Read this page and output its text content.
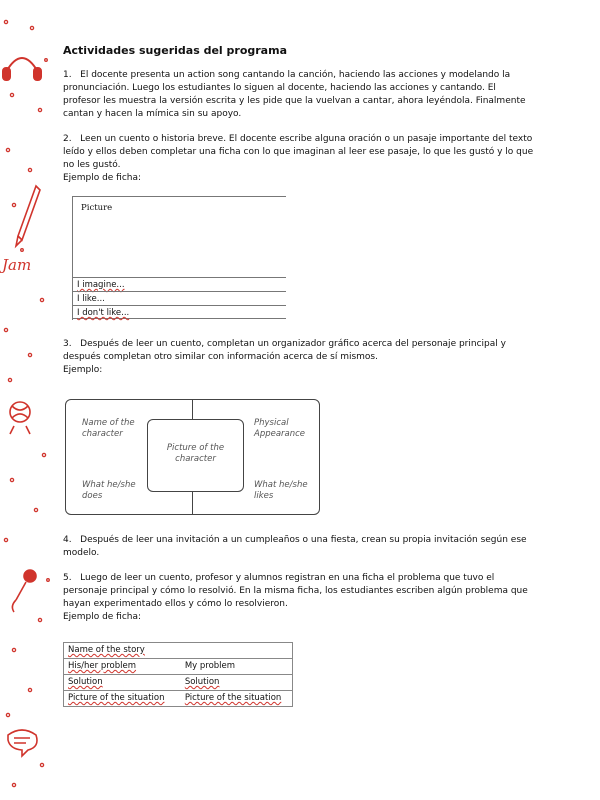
Jam
Actividades sugeridas del programa

1.   El docente presenta un action song cantando la canción, haciendo las acciones y modelando la pronunciación. Luego los estudiantes lo siguen al docente, haciendo las acciones y cantando. El profesor les muestra la versión escrita y les pide que la vuelvan a cantar, ahora leyéndola. Finalmente cantan y hacen la mímica sin su apoyo.

2.   Leen un cuento o historia breve. El docente escribe alguna oración o un pasaje importante del texto leído y ellos deben completar una ficha con lo que imaginan al leer ese pasaje, lo que les gustó y lo que no les gustó.

Ejemplo de ficha:

3.   Después de leer un cuento, completan un organizador gráfico acerca del personaje principal y después completan otro similar con información acerca de sí mismos.

Ejemplo:

4.   Después de leer una invitación a un cumpleaños o una fiesta, crean su propia invitación según ese modelo.

5.   Luego de leer un cuento, profesor y alumnos registran en una ficha el problema que tuvo el personaje principal y cómo lo resolvió. En la misma ficha, los estudiantes escriben algún problema que hayan experimentado ellos y cómo lo resolvieron.

Ejemplo de ficha:

Picture
I imagine...
I like...
I don't like...
Name of the character
Physical Appearance
What he/she does
What he/she likes
Picture of the character
Name of the story	
His/her problem	My problem
Solution	Solution
Picture of the situation	Picture of the situation
